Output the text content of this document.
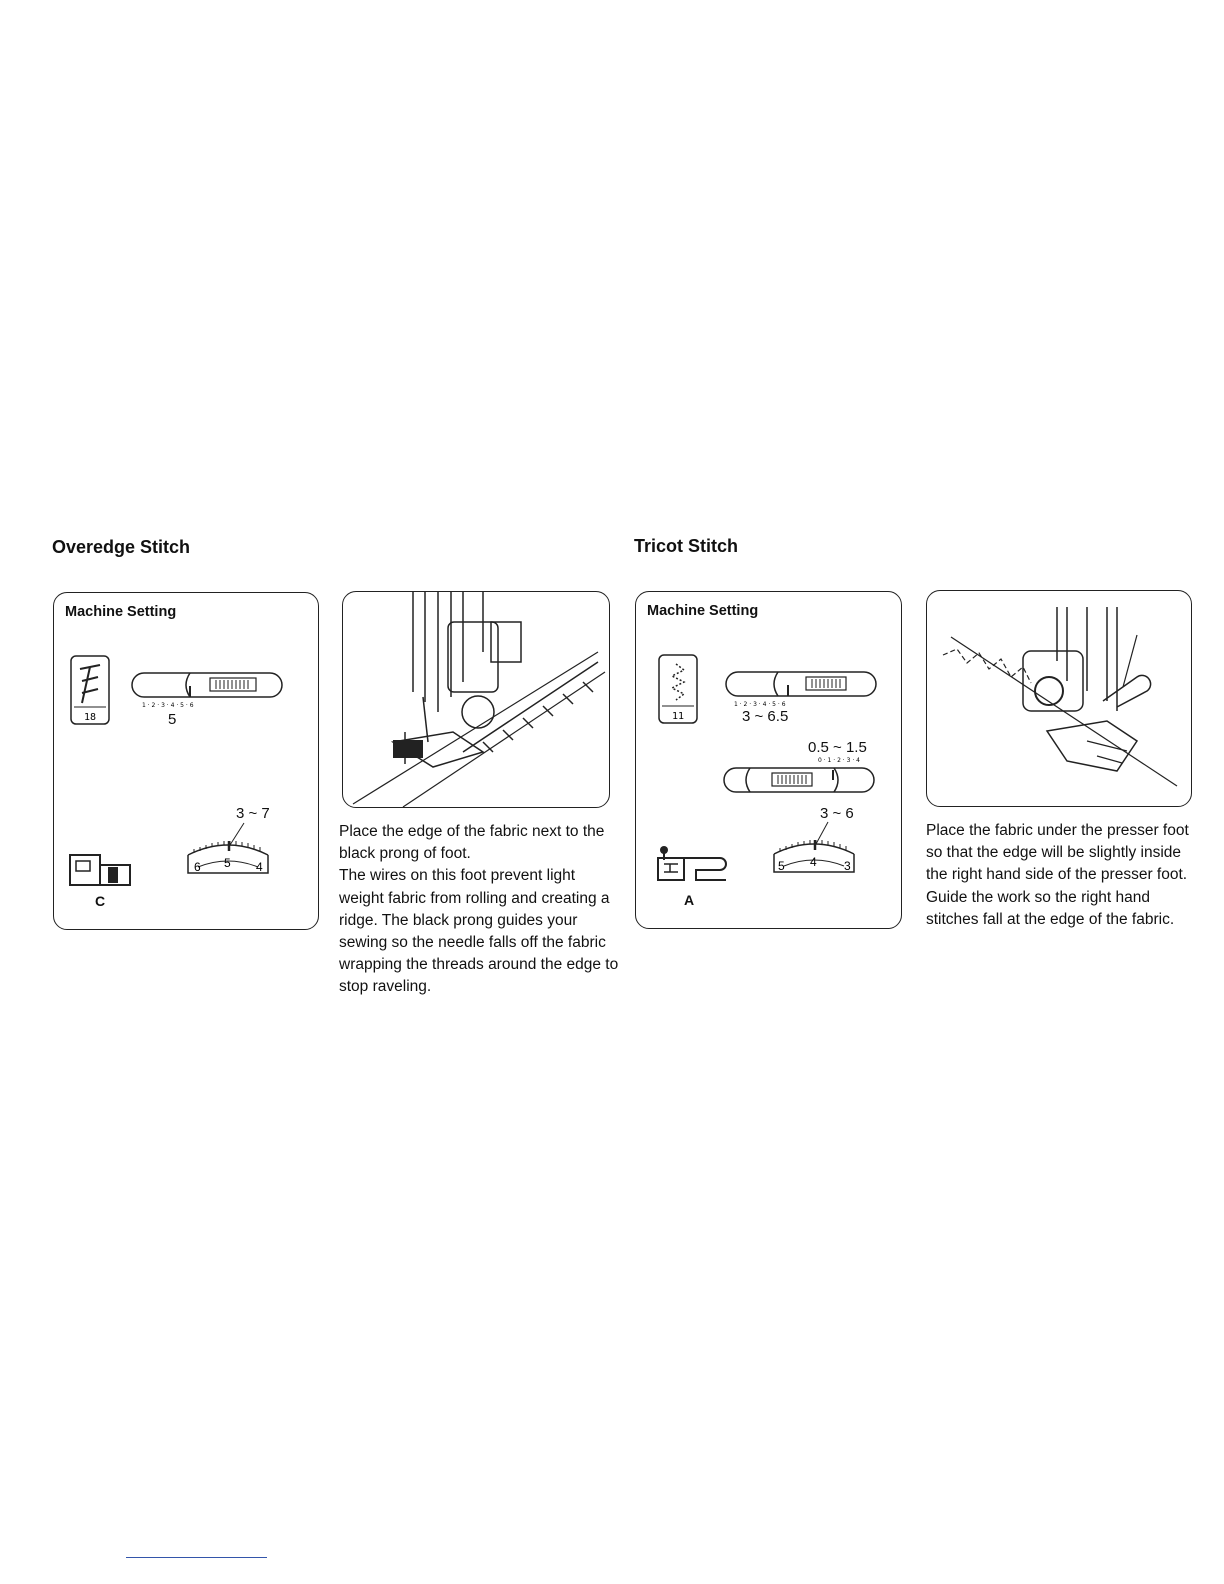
Overedge Stitch
Machine Setting
18
1 · 2 · 3 · 4 · 5 · 6
5
3 ~ 7
6 5 4
C

Place the edge of the fabric next to the black prong of foot.

The wires on this foot prevent light weight fabric from rolling and creating a ridge. The black prong guides your sewing so the needle falls off the fabric wrapping the threads around the edge to stop raveling.

Tricot Stitch
Machine Setting
11
1 · 2 · 3 · 4 · 5 · 6
3 ~ 6.5
0.5 ~ 1.5
0 · 1 · 2 · 3 · 4
3 ~ 6
5 4 3
A

Place the fabric under the presser foot so that the edge will be slightly inside the right hand side of the presser foot.

Guide the work so the right hand stitches fall at the edge of the fabric.
